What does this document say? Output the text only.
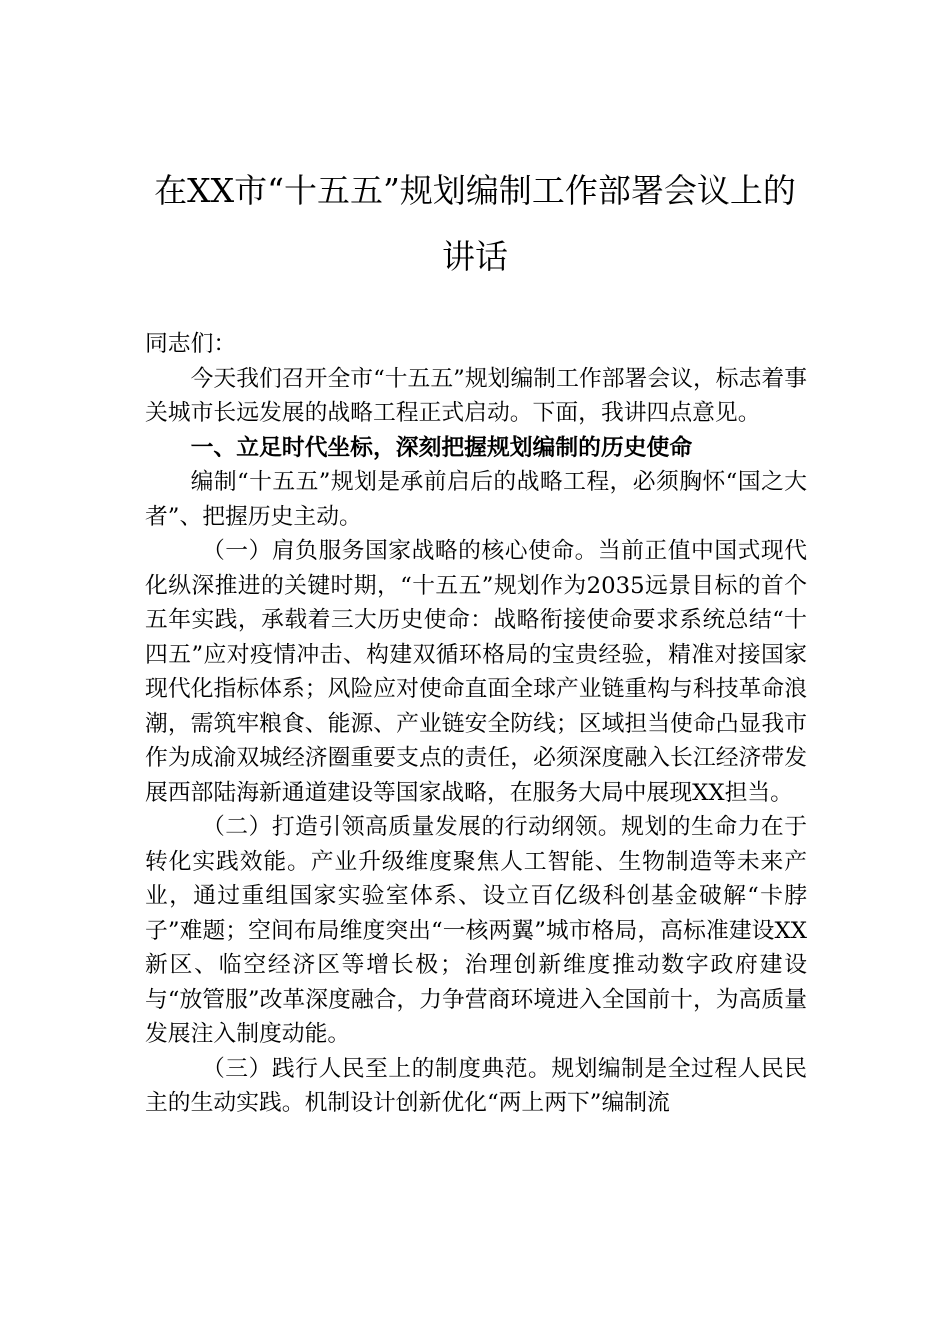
在XX市“十五五”规划编制工作部署会议上的讲话

同志们：

今天我们召开全市“十五五”规划编制工作部署会议，标志着事关城市长远发展的战略工程正式启动。下面，我讲四点意见。

一、立足时代坐标，深刻把握规划编制的历史使命

编制“十五五”规划是承前启后的战略工程，必须胸怀“国之大者”、把握历史主动。

（一）肩负服务国家战略的核心使命。当前正值中国式现代化纵深推进的关键时期，“十五五”规划作为2035远景目标的首个五年实践，承载着三大历史使命：战略衔接使命要求系统总结“十四五”应对疫情冲击、构建双循环格局的宝贵经验，精准对接国家现代化指标体系；风险应对使命直面全球产业链重构与科技革命浪潮，需筑牢粮食、能源、产业链安全防线；区域担当使命凸显我市作为成渝双城经济圈重要支点的责任，必须深度融入长江经济带发展西部陆海新通道建设等国家战略，在服务大局中展现XX担当。

（二）打造引领高质量发展的行动纲领。规划的生命力在于转化实践效能。产业升级维度聚焦人工智能、生物制造等未来产业，通过重组国家实验室体系、设立百亿级科创基金破解“卡脖子”难题；空间布局维度突出“一核两翼”城市格局，高标准建设XX新区、临空经济区等增长极；治理创新维度推动数字政府建设与“放管服”改革深度融合，力争营商环境进入全国前十，为高质量发展注入制度动能。

（三）践行人民至上的制度典范。规划编制是全过程人民民主的生动实践。机制设计创新优化“两上两下”编制流
